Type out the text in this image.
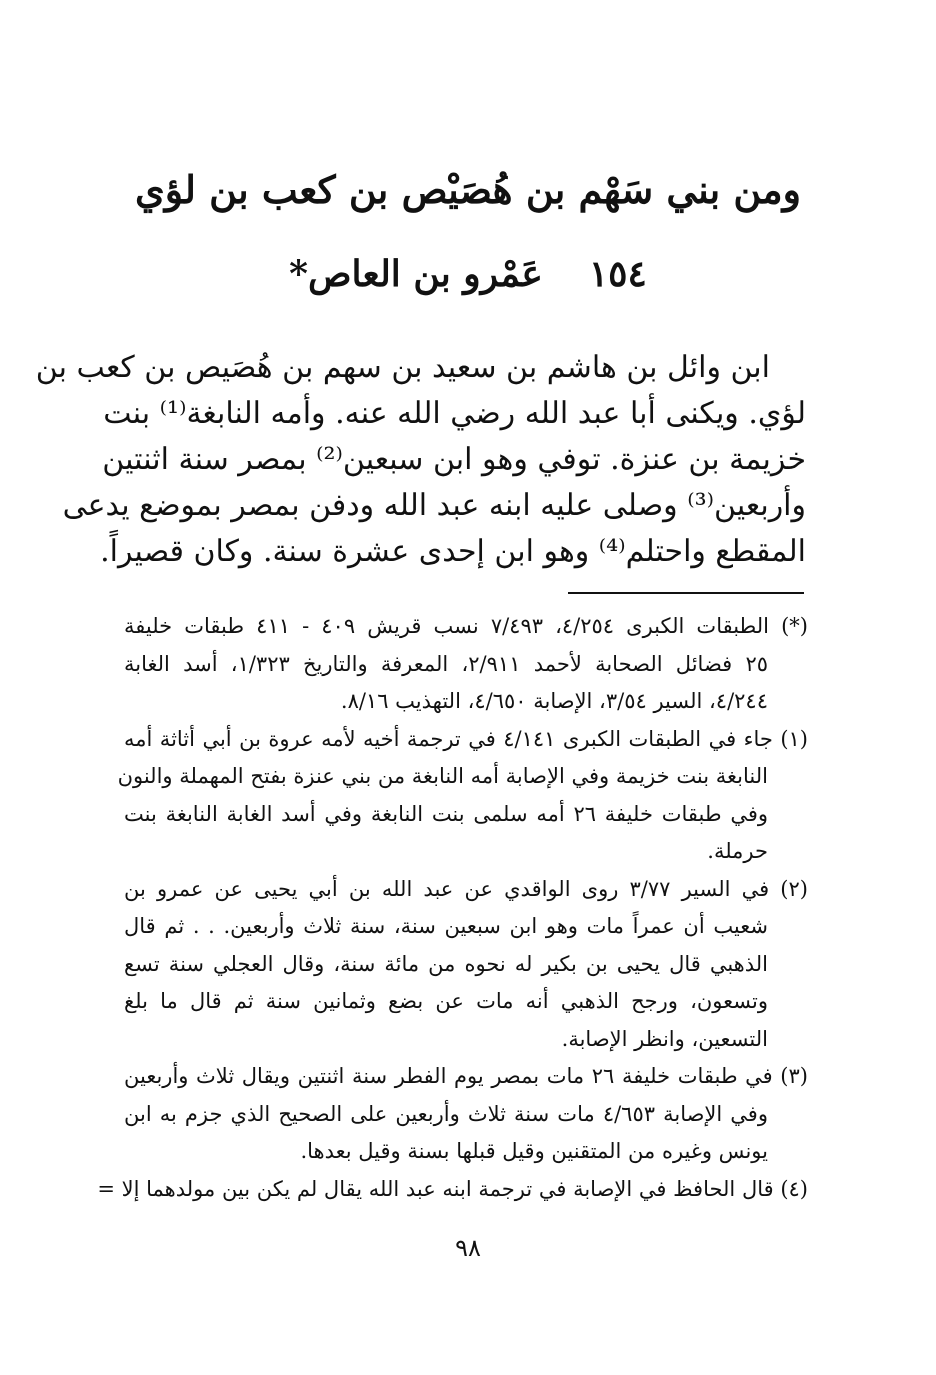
ومن بني سَهْم بن هُصَيْص بن كعب بن لؤي
١٥٤عَمْرو بن العاص*
ابن وائل بن هاشم بن سعيد بن سهم بن هُصَيص بن كعب بن
لؤي. ويكنى أبا عبد الله رضي الله عنه. وأمه النابغة⁽¹⁾ بنت
خزيمة بن عنزة. توفي وهو ابن سبعين⁽²⁾ بمصر سنة اثنتين
وأربعين⁽³⁾ وصلى عليه ابنه عبد الله ودفن بمصر بموضع يدعى
المقطع واحتلم⁽⁴⁾ وهو ابن إحدى عشرة سنة. وكان قصيراً.
(*) الطبقات الكبرى ٤/٢٥٤، ٧/٤٩٣ نسب قريش ٤٠٩ - ٤١١ طبقات خليفة
٢٥ فضائل الصحابة لأحمد ٢/٩١١، المعرفة والتاريخ ١/٣٢٣، أسد الغابة
٤/٢٤٤، السير ٣/٥٤، الإصابة ٤/٦٥٠، التهذيب ٨/١٦.
(١) جاء في الطبقات الكبرى ٤/١٤١ في ترجمة أخيه لأمه عروة بن أبي أثاثة أمه
النابغة بنت خزيمة وفي الإصابة أمه النابغة من بني عنزة بفتح المهملة والنون
وفي طبقات خليفة ٢٦ أمه سلمى بنت النابغة وفي أسد الغابة النابغة بنت
حرملة.
(٢) في السير ٣/٧٧ روى الواقدي عن عبد الله بن أبي يحيى عن عمرو بن
شعيب أن عمراً مات وهو ابن سبعين سنة، سنة ثلاث وأربعين. . . ثم قال
الذهبي قال يحيى بن بكير له نحوه من مائة سنة، وقال العجلي سنة تسع
وتسعون، ورجح الذهبي أنه مات عن بضع وثمانين سنة ثم قال ما بلغ
التسعين، وانظر الإصابة.
(٣) في طبقات خليفة ٢٦ مات بمصر يوم الفطر سنة اثنتين ويقال ثلاث وأربعين
وفي الإصابة ٤/٦٥٣ مات سنة ثلاث وأربعين على الصحيح الذي جزم به ابن
يونس وغيره من المتقنين وقيل قبلها بسنة وقيل بعدها.
(٤) قال الحافظ في الإصابة في ترجمة ابنه عبد الله يقال لم يكن بين مولدهما إلا =
٩٨
